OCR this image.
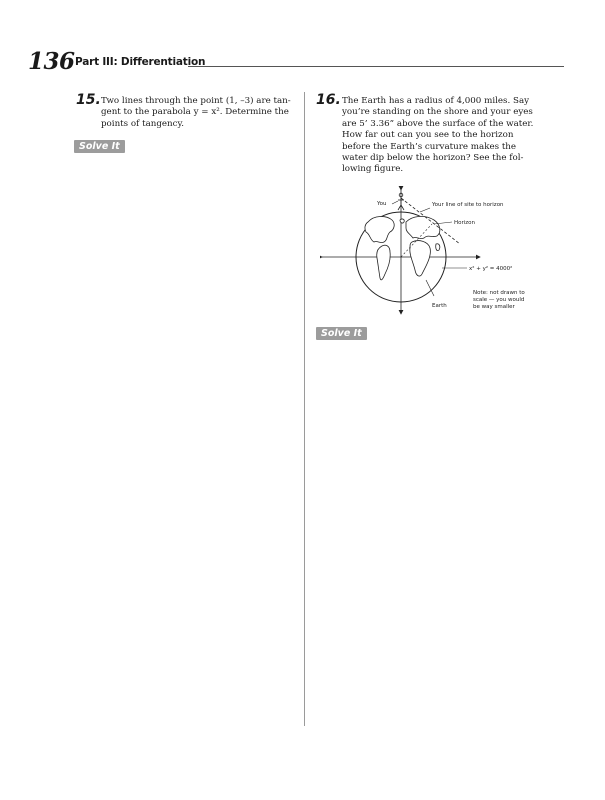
136 Part III: Differentiation
15. Two lines through the point (1, –3) are tan-
gent to the parabola y = x². Determine the
points of tangency.
Solve It
16. The Earth has a radius of 4,000 miles. Say
you’re standing on the shore and your eyes
are 5’ 3.36” above the surface of the water.
How far out can you see to the horizon
before the Earth’s curvature makes the
water dip below the horizon? See the fol-
lowing figure.
You	Your line of site to horizon
Horizon
x² + y² = 4000²
Earth
Note: not drawn to
scale — you would
be way smaller
Solve It
